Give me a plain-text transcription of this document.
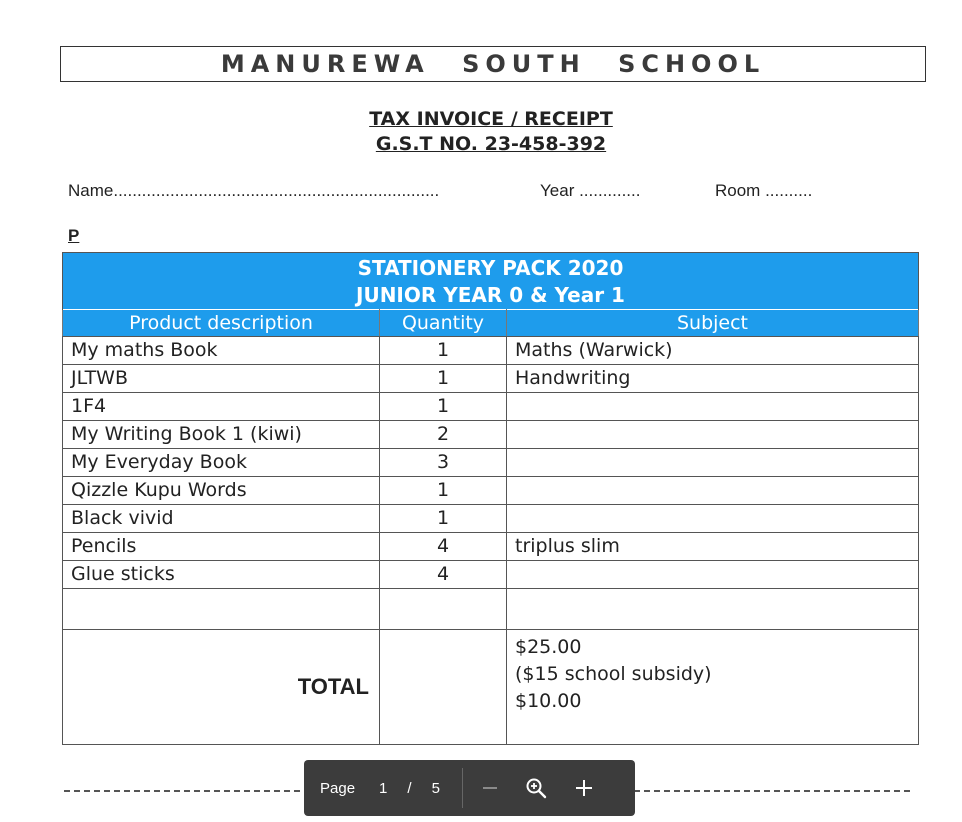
MANUREWA SOUTH SCHOOL
TAX INVOICE / RECEIPT
G.S.T NO. 23-458-392
Name.....................................................................	Year .............	Room ..........
P
STATIONERY PACK 2020
JUNIOR YEAR 0 & Year 1		

Product description	Quantity	Subject
My maths Book	1	Maths (Warwick)
JLTWB	1	Handwriting
1F4	1	
My Writing Book 1 (kiwi)	2	
My Everyday Book	3	
Qizzle Kupu Words	1	
Black vivid	1	
Pencils	4	triplus slim
Glue sticks	4	

TOTAL		$25.00
($15 school subsidy)
$10.00
Page 1 / 5
